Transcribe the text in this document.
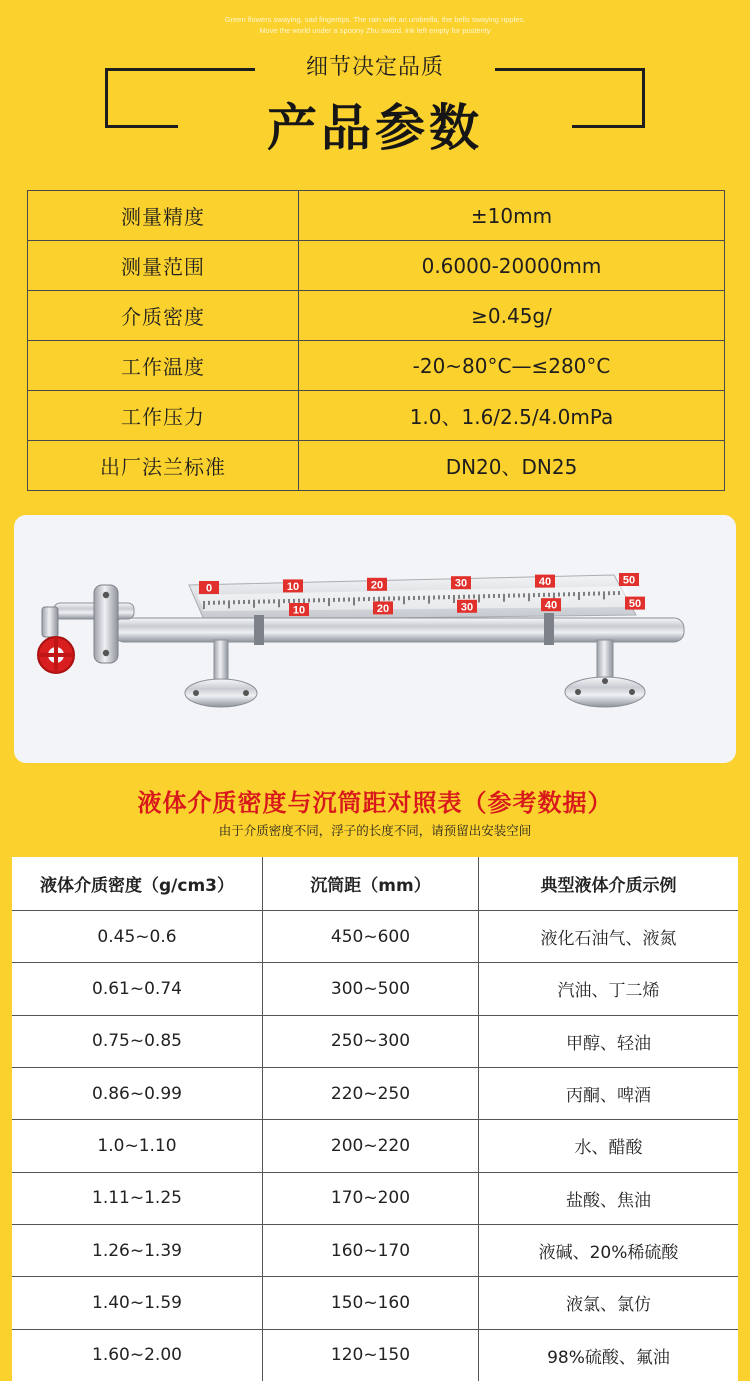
Green flowers swaying, sad fingertips. The rain with an umbrella, the bells swaying ripples.
Move the world under a spoony Zhu sword, ink left empty for posterity
细节决定品质
产品参数
测量精度	±10mm
测量范围	0.6000-20000mm
介质密度	≥0.45g/
工作温度	-20~80°C—≤280°C
工作压力	1.0、1.6/2.5/4.0mPa
出厂法兰标准	DN20、DN25
0	10	20	30	40	50
10	20	30	40	50
液体介质密度与沉筒距对照表（参考数据）
由于介质密度不同，浮子的长度不同，请预留出安装空间
液体介质密度（g/cm3）	沉筒距（mm）	典型液体介质示例
0.45~0.6	450~600	液化石油气、液氮
0.61~0.74	300~500	汽油、丁二烯
0.75~0.85	250~300	甲醇、轻油
0.86~0.99	220~250	丙酮、啤酒
1.0~1.10	200~220	水、醋酸
1.11~1.25	170~200	盐酸、焦油
1.26~1.39	160~170	液碱、20%稀硫酸
1.40~1.59	150~160	液氯、氯仿
1.60~2.00	120~150	98%硫酸、氟油
